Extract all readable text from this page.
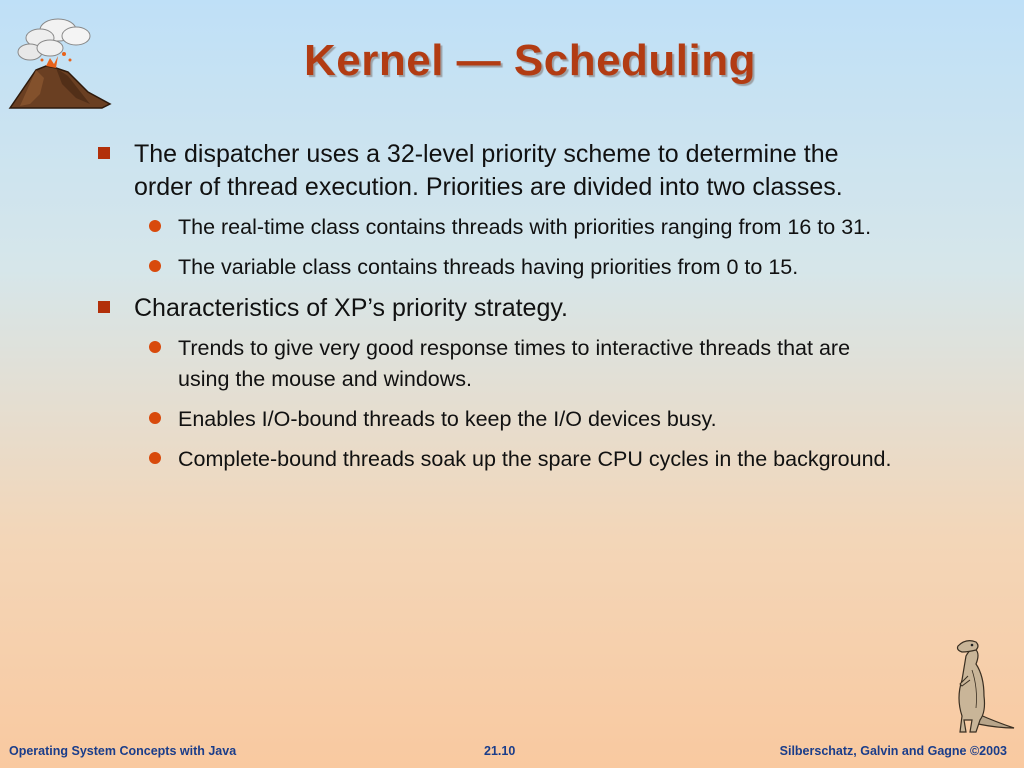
Kernel — Scheduling
The dispatcher uses a 32-level priority scheme to determine the order of thread execution. Priorities are divided into two classes.
The real-time class contains threads with priorities ranging from 16 to 31.
The variable class contains threads having priorities from 0 to 15.
Characteristics of XP’s priority strategy.
Trends to give very good response times to interactive threads that are using the mouse and windows.
Enables I/O-bound threads to keep the I/O devices busy.
Complete-bound threads soak up the spare CPU cycles in the background.
Operating System Concepts with Java	21.10	Silberschatz, Galvin and Gagne ©2003
